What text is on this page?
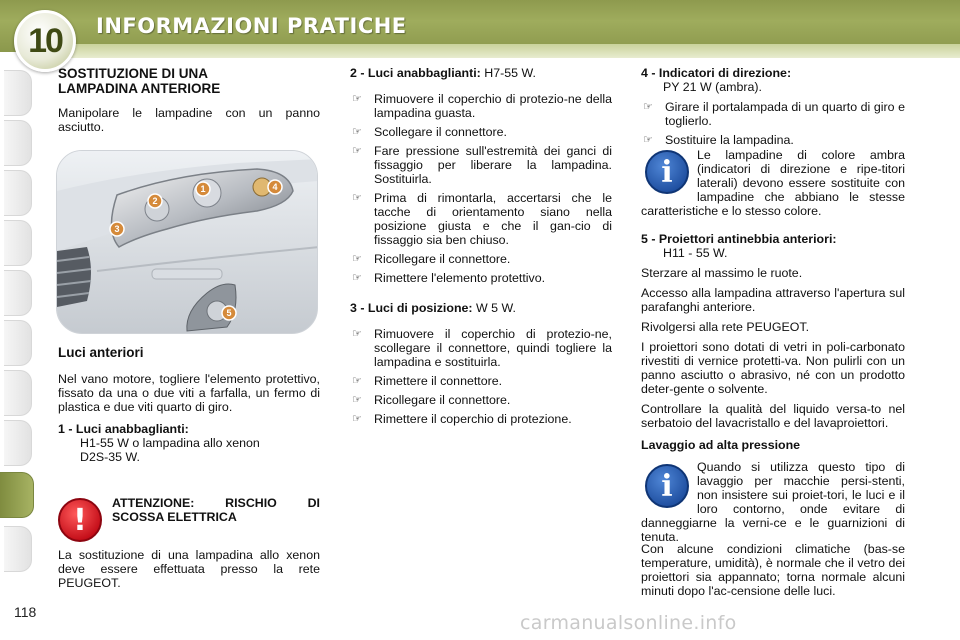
10	INFORMAZIONI PRATICHE
SOSTITUZIONE DI UNA
LAMPADINA ANTERIORE
Manipolare le lampadine con un panno asciutto.
1
2
3
4
5
Luci anteriori
Nel vano motore, togliere l'elemento protettivo, fissato da una o due viti a farfalla, un fermo di plastica e due viti quarto di giro.
1 - Luci anabbaglianti:
H1-55 W o lampadina allo xenon
D2S-35 W.
!	ATTENZIONE: RISCHIO DI SCOSSA ELETTRICA
La sostituzione di una lampadina allo xenon deve essere effettuata presso la rete PEUGEOT.
2 - Luci anabbaglianti: H7-55 W.
☞ Rimuovere il coperchio di protezio-ne della lampadina guasta.
☞ Scollegare il connettore.
☞ Fare pressione sull'estremità dei ganci di fissaggio per liberare la lampadina. Sostituirla.
☞ Prima di rimontarla, accertarsi che le tacche di orientamento siano nella posizione giusta e che il gan-cio di fissaggio sia ben chiuso.
☞ Ricollegare il connettore.
☞ Rimettere l'elemento protettivo.
3 - Luci di posizione: W 5 W.
☞ Rimuovere il coperchio di protezio-ne, scollegare il connettore, quindi togliere la lampadina e sostituirla.
☞ Rimettere il connettore.
☞ Ricollegare il connettore.
☞ Rimettere il coperchio di protezione.
4 - Indicatori di direzione:
PY 21 W (ambra).
☞ Girare il portalampada di un quarto di giro e toglierlo.
☞ Sostituire la lampadina.
i	Le lampadine di colore ambra (indicatori di direzione e ripe-titori laterali) devono essere sostituite con lampadine che abbiano le stesse caratteristiche e lo stesso colore.
5 - Proiettori antinebbia anteriori:
H11 - 55 W.
Sterzare al massimo le ruote.
Accesso alla lampadina attraverso l'apertura sul parafanghi anteriore.
Rivolgersi alla rete PEUGEOT.
I proiettori sono dotati di vetri in poli-carbonato rivestiti di vernice protetti-va. Non pulirli con un panno asciutto o abrasivo, né con un prodotto deter-gente o solvente.
Controllare la qualità del liquido versa-to nel serbatoio del lavacristallo e del lavaproiettori.
Lavaggio ad alta pressione
i
Quando si utilizza questo tipo di lavaggio per macchie persi-stenti, non insistere sui proiet-tori, le luci e il loro contorno, onde evitare di danneggiarne la verni-ce e le guarnizioni di tenuta.
Con alcune condizioni climatiche (bas-se temperature, umidità), è normale che il vetro dei proiettori sia appannato; torna normale alcuni minuti dopo l'ac-censione delle luci.
118	carmanualsonline.info
